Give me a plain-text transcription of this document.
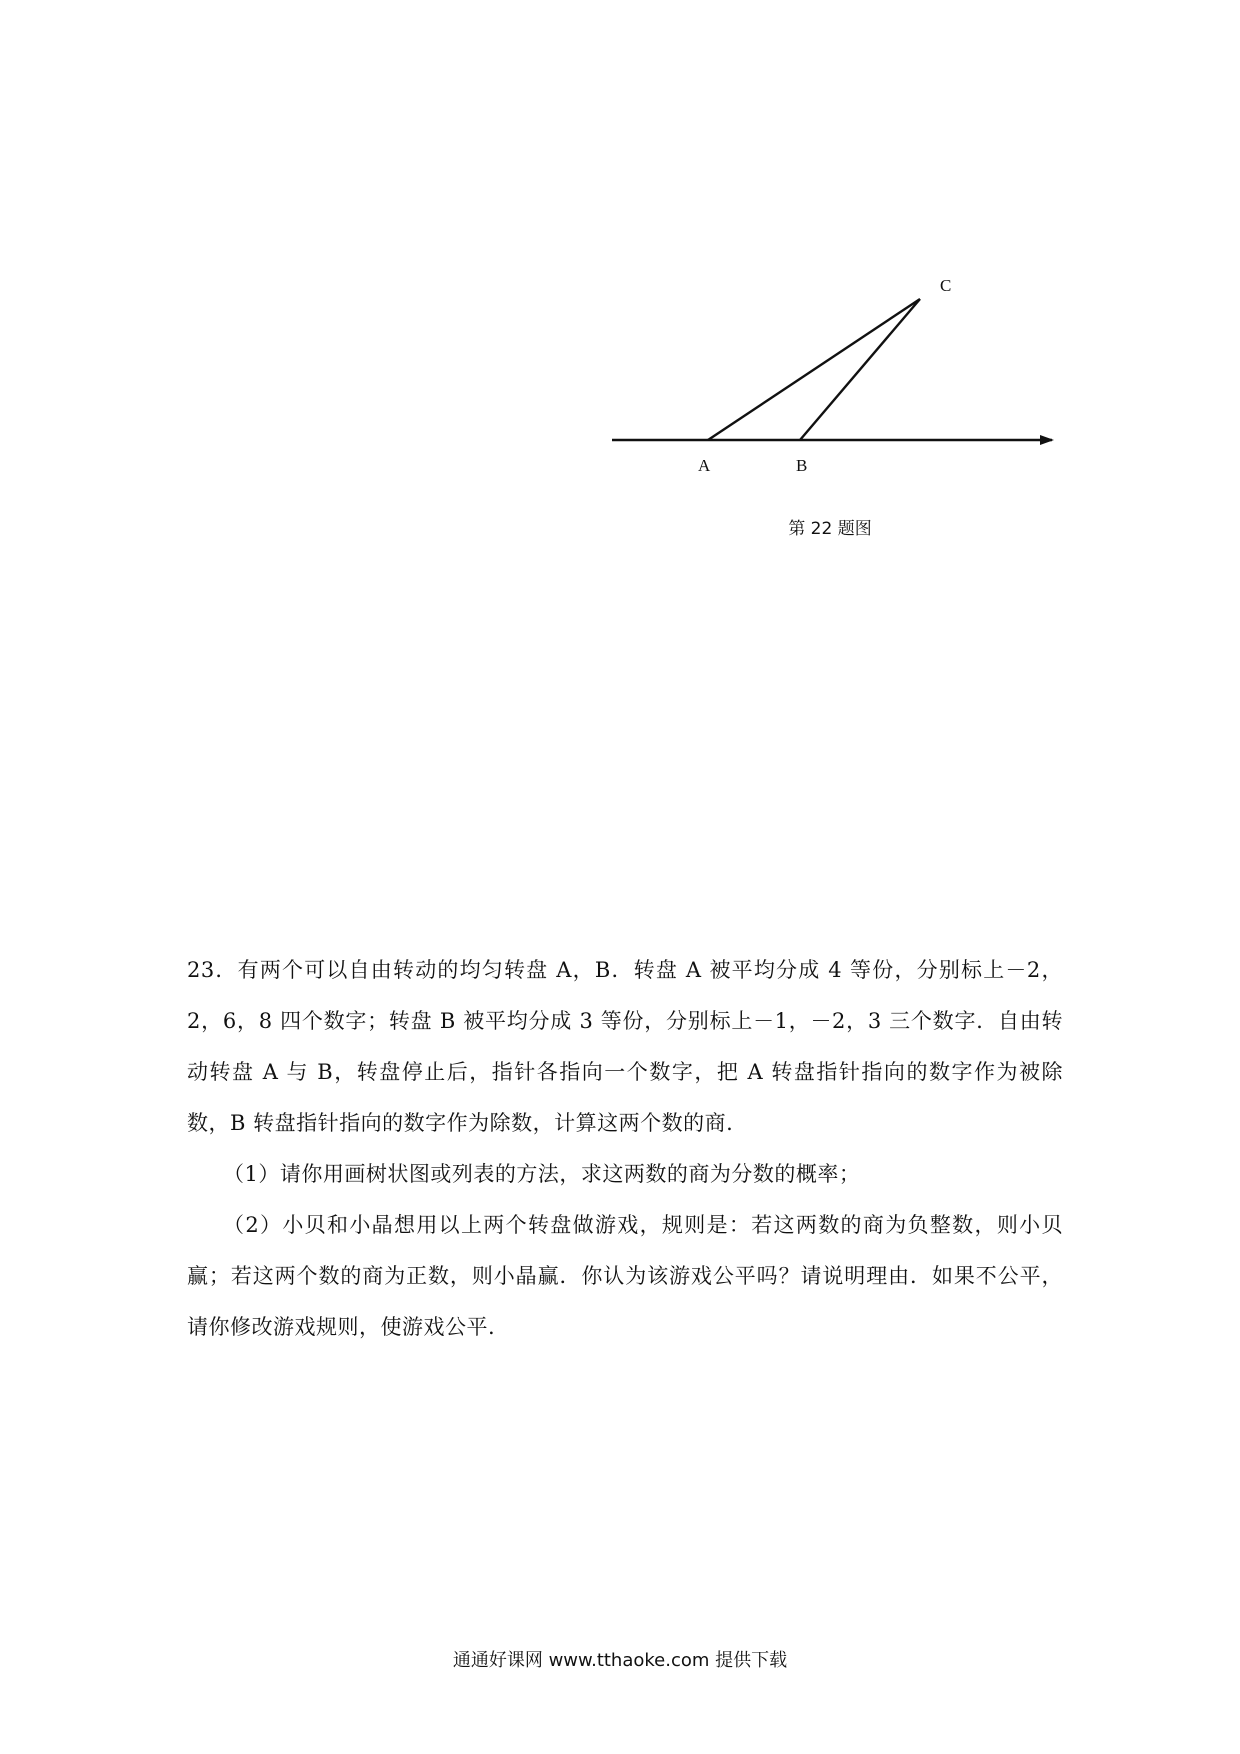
C
A	B
第 22 题图

23．有两个可以自由转动的均匀转盘 A，B．转盘 A 被平均分成 4 等份，分别标上－2，2，6，8 四个数字；转盘 B 被平均分成 3 等份，分别标上－1，－2，3 三个数字．自由转动转盘 A 与 B，转盘停止后，指针各指向一个数字，把 A 转盘指针指向的数字作为被除数，B 转盘指针指向的数字作为除数，计算这两个数的商.

（1）请你用画树状图或列表的方法，求这两数的商为分数的概率；

（2）小贝和小晶想用以上两个转盘做游戏，规则是：若这两数的商为负整数，则小贝赢；若这两个数的商为正数，则小晶赢．你认为该游戏公平吗？请说明理由．如果不公平，请你修改游戏规则，使游戏公平.

通通好课网 www.tthaoke.com 提供下载
